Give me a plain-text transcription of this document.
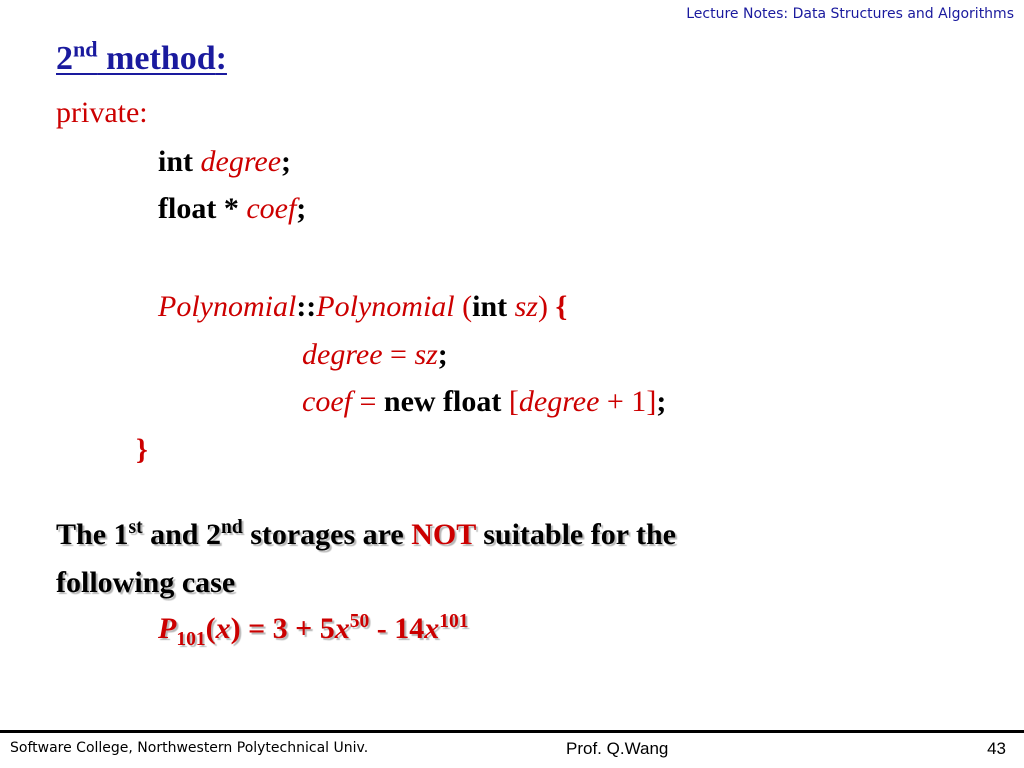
Lecture Notes: Data Structures and Algorithms
2nd method:
private:
int degree;
float * coef;
Polynomial::Polynomial (int sz) {
degree = sz;
coef = new float [degree + 1];
}
The 1st and 2nd storages are NOT suitable for the
following case
$P_{101}(x) = 3 + 5x^{50} - 14x^{101}$
Software College, Northwestern Polytechnical Univ.	Prof. Q.Wang	43
